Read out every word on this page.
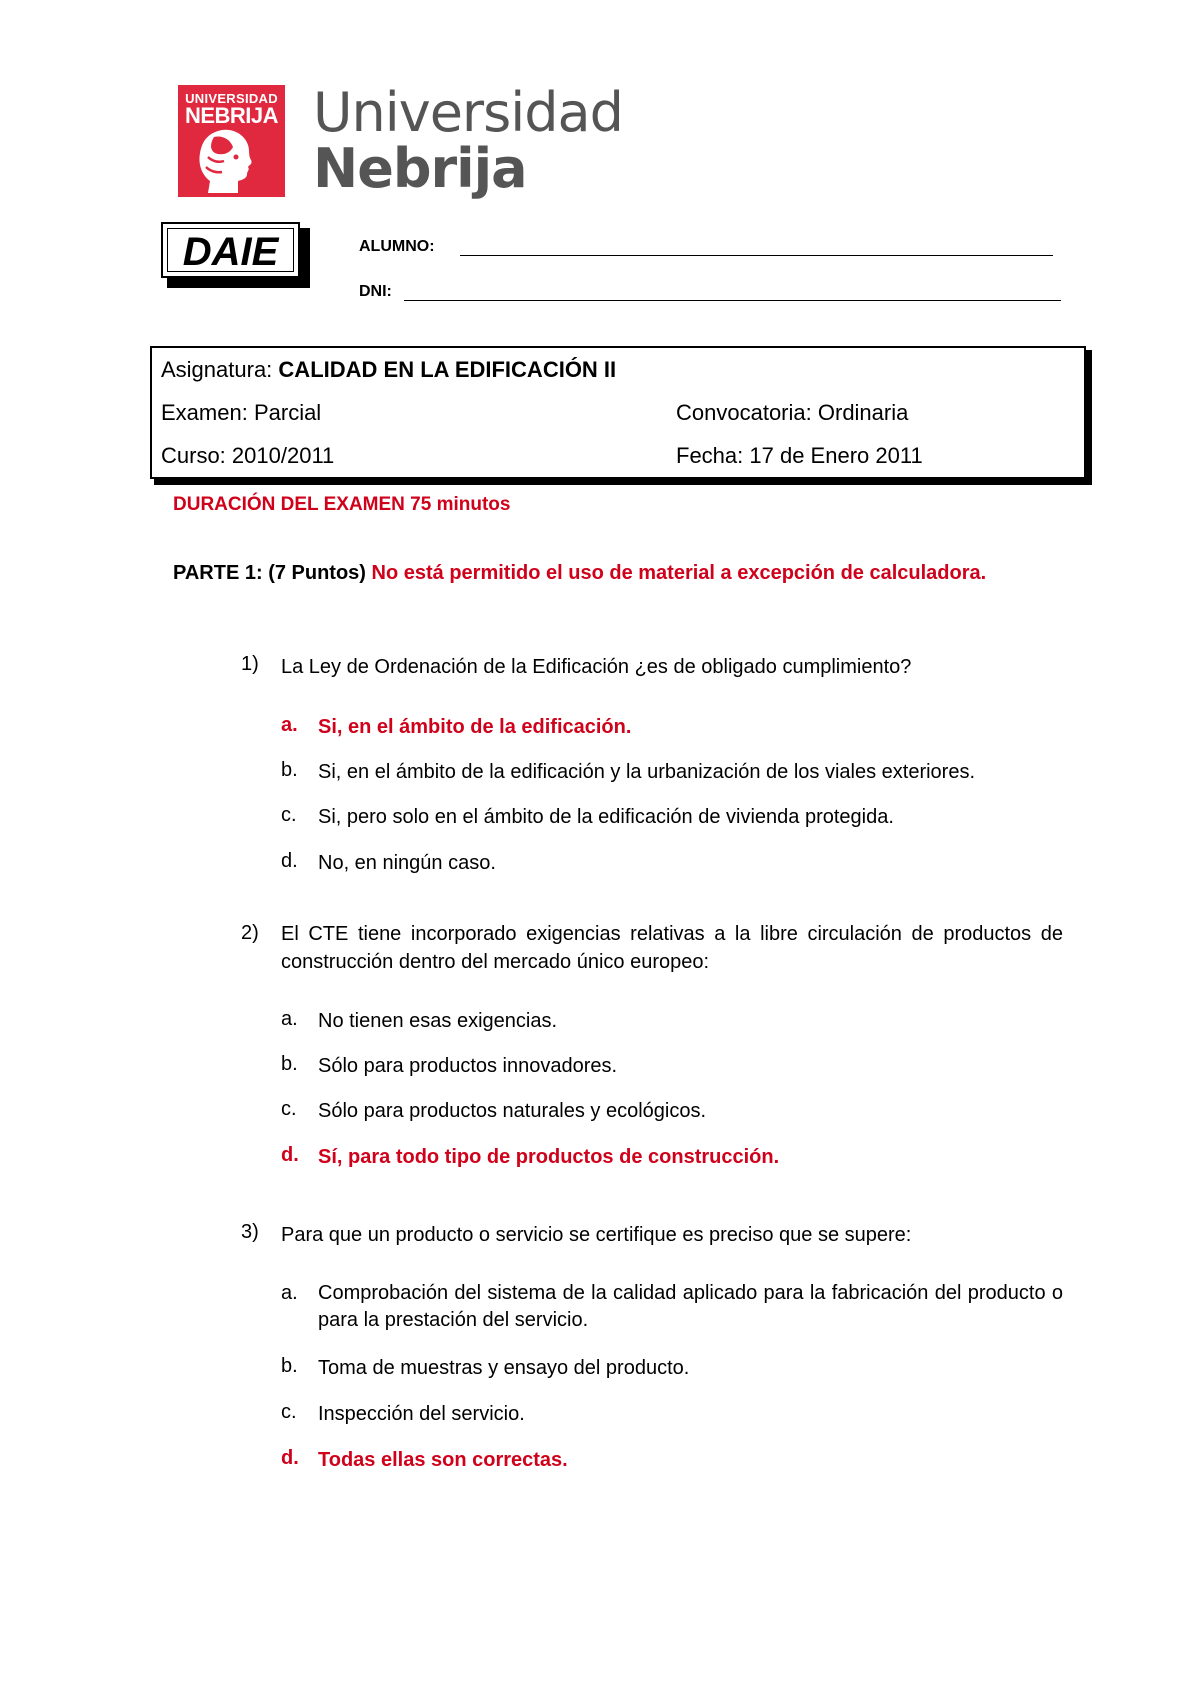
UNIVERSIDAD
NEBRIJA Universidad
Nebrija
DAIE	ALUMNO:
DNI:
Asignatura: CALIDAD EN LA EDIFICACIÓN II
Examen: Parcial	Convocatoria: Ordinaria
Curso: 2010/2011	Fecha: 17 de Enero 2011
DURACIÓN DEL EXAMEN 75 minutos
PARTE 1: (7 Puntos) No está permitido el uso de material a excepción de calculadora.
1) La Ley de Ordenación de la Edificación ¿es de obligado cumplimiento?
a. Si, en el ámbito de la edificación.
b. Si, en el ámbito de la edificación y la urbanización de los viales exteriores.
c. Si, pero solo en el ámbito de la edificación de vivienda protegida.
d. No, en ningún caso.
2) El CTE tiene incorporado exigencias relativas a la libre circulación de productos de construcción dentro del mercado único europeo:
a. No tienen esas exigencias.
b. Sólo para productos innovadores.
c. Sólo para productos naturales y ecológicos.
d. Sí, para todo tipo de productos de construcción.
3) Para que un producto o servicio se certifique es preciso que se supere:
a. Comprobación del sistema de la calidad aplicado para la fabricación del producto o para la prestación del servicio.
b. Toma de muestras y ensayo del producto.
c. Inspección del servicio.
d. Todas ellas son correctas.
